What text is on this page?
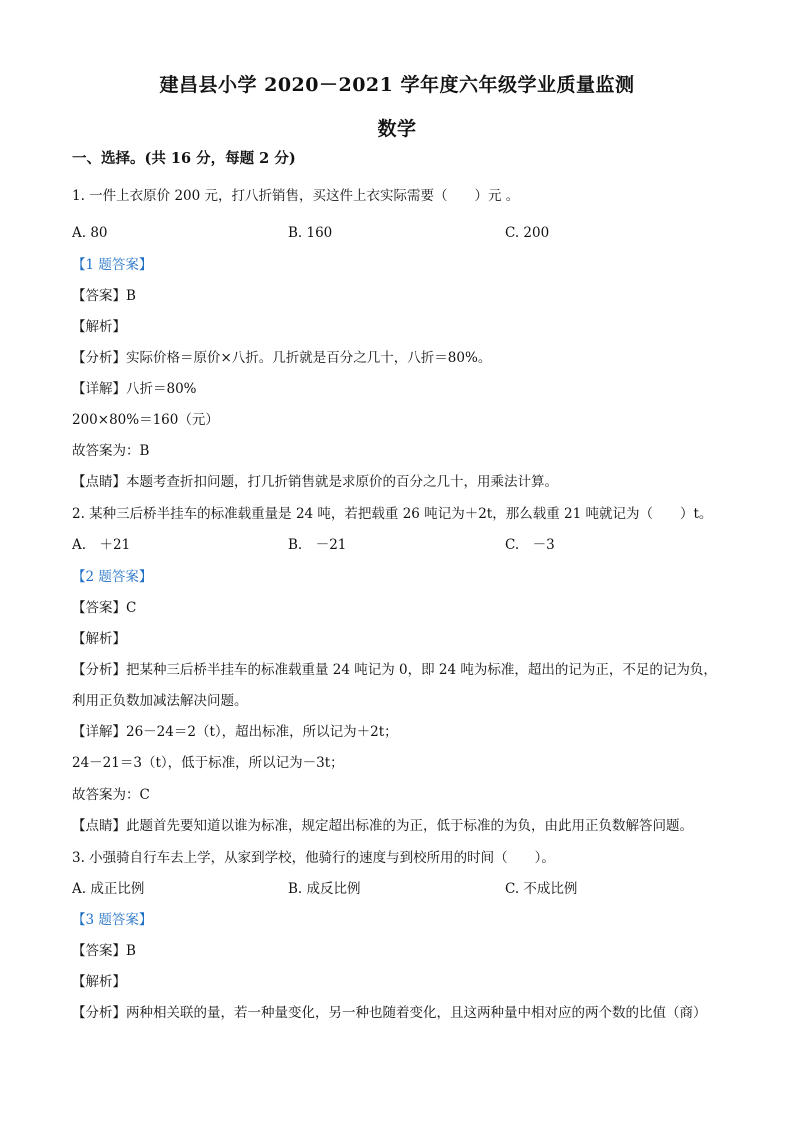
建昌县小学 2020－2021 学年度六年级学业质量监测
数学
一、选择。(共 16 分，每题 2 分)
1. 一件上衣原价 200 元，打八折销售，买这件上衣实际需要（　　）元 。
A. 80	B. 160	C. 200
【1 题答案】
【答案】B
【解析】
【分析】实际价格＝原价×八折。几折就是百分之几十，八折＝80%。
【详解】八折＝80%
200×80%＝160（元）
故答案为：B
【点睛】本题考查折扣问题，打几折销售就是求原价的百分之几十，用乘法计算。
2. 某种三后桥半挂车的标准载重量是 24 吨，若把载重 26 吨记为＋2t，那么载重 21 吨就记为（　　）t。
A.　＋21	B.　－21	C.　－3
【2 题答案】
【答案】C
【解析】
【分析】把某种三后桥半挂车的标准载重量 24 吨记为 0，即 24 吨为标准，超出的记为正，不足的记为负，
利用正负数加减法解决问题。
【详解】26－24＝2（t），超出标准，所以记为＋2t；
24－21＝3（t），低于标准，所以记为－3t；
故答案为：C
【点睛】此题首先要知道以谁为标准，规定超出标准的为正，低于标准的为负，由此用正负数解答问题。
3. 小强骑自行车去上学，从家到学校，他骑行的速度与到校所用的时间（　　）。
A. 成正比例	B. 成反比例	C. 不成比例
【3 题答案】
【答案】B
【解析】
【分析】两种相关联的量，若一种量变化，另一种也随着变化，且这两种量中相对应的两个数的比值（商）
